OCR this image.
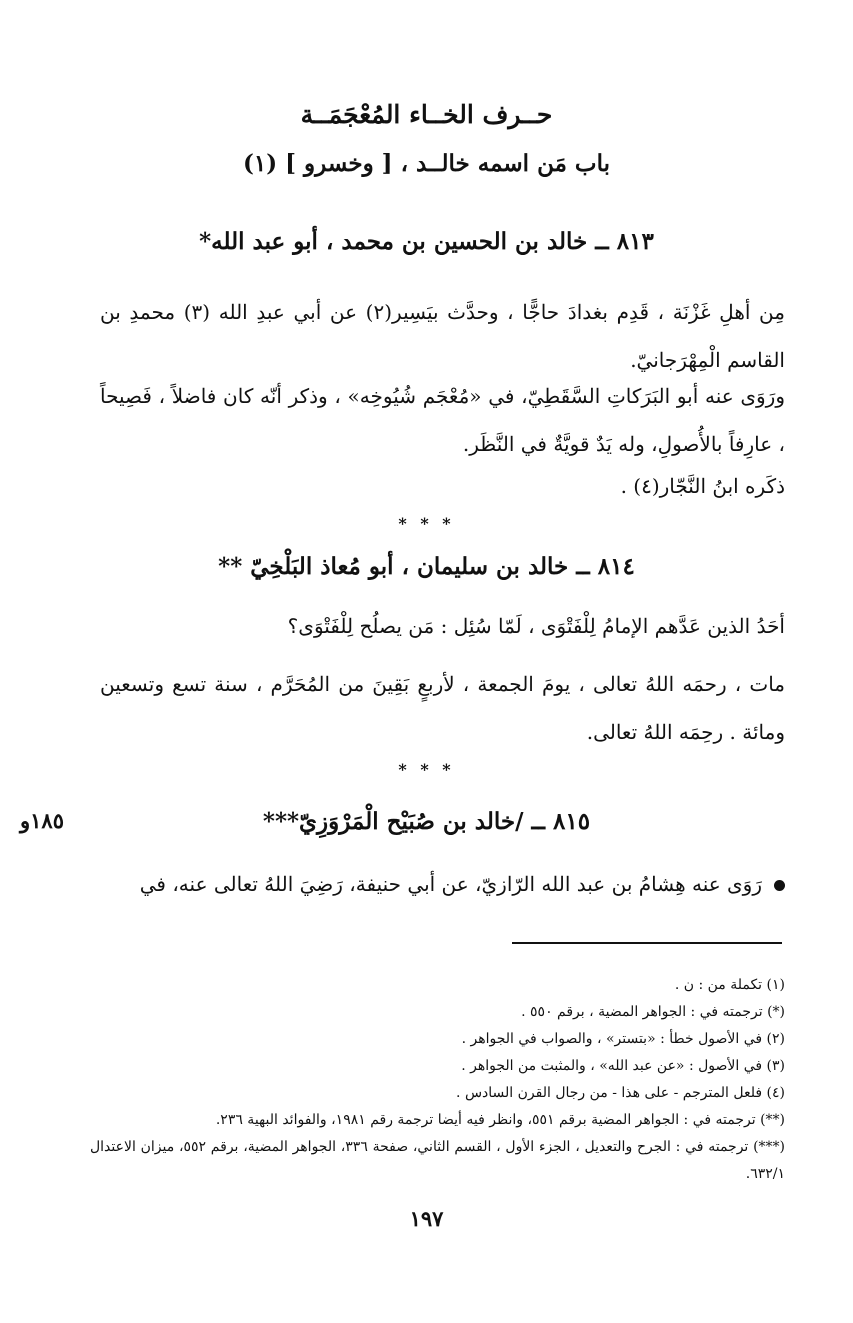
حــرف الخــاء المُعْجَمَــة
باب مَن اسمه خالــد ، [ وخسرو ] (١)
٨١٣ ــ خالد بن الحسين بن محمد ، أبو عبد الله*
مِن أهلِ غَزْنَة ، قَدِم بغدادَ حاجًّا ، وحدَّث بيَسِير(٢) عن أبي عبدِ الله (٣) محمدِ بن القاسم الْمِهْرَجانيّ.
ورَوَى عنه أبو البَرَكاتِ السَّقَطِيّ، في «مُعْجَم شُيُوخِه» ، وذكر أنّه كان فاضلاً ، فَصِيحاً ، عارِفاً بالأُصولِ، وله يَدٌ قويَّةٌ في النَّظَر.
ذكَره ابنُ النَّجّار(٤) .
* * *
٨١٤ ــ خالد بن سليمان ، أبو مُعاذ البَلْخِيّ **
أحَدُ الذين عَدَّهم الإمامُ لِلْفَتْوَى ، لَمّا سُئِل : مَن يصلُح لِلْفَتْوَى؟
مات ، رحمَه اللهُ تعالى ، يومَ الجمعة ، لأربعٍ بَقِينَ من المُحَرَّم ، سنة تسع وتسعين ومائة . رحِمَه اللهُ تعالى.
* * *
٨١٥ ــ /خالد بن صُبَيْح الْمَرْوَزِيّ***
١٨٥و
رَوَى عنه هِشامُ بن عبد الله الرّازيّ، عن أبي حنيفة، رَضِيَ اللهُ تعالى عنه، في
(١) تكملة من : ن .
(*) ترجمته في : الجواهر المضية ، برقم ٥٥٠ .
(٢) في الأصول خطأ : «بتستر» ، والصواب في الجواهر .
(٣) في الأصول : «عن عبد الله» ، والمثبت من الجواهر .
(٤) فلعل المترجم - على هذا - من رجال القرن السادس .
(**) ترجمته في : الجواهر المضية برقم ٥٥١، وانظر فيه أيضا ترجمة رقم ١٩٨١، والفوائد البهية ٢٣٦.
(***) ترجمته في : الجرح والتعديل ، الجزء الأول ، القسم الثاني، صفحة ٣٣٦، الجواهر المضية، برقم ٥٥٢، ميزان الاعتدال ٦٣٢/١.
١٩٧
